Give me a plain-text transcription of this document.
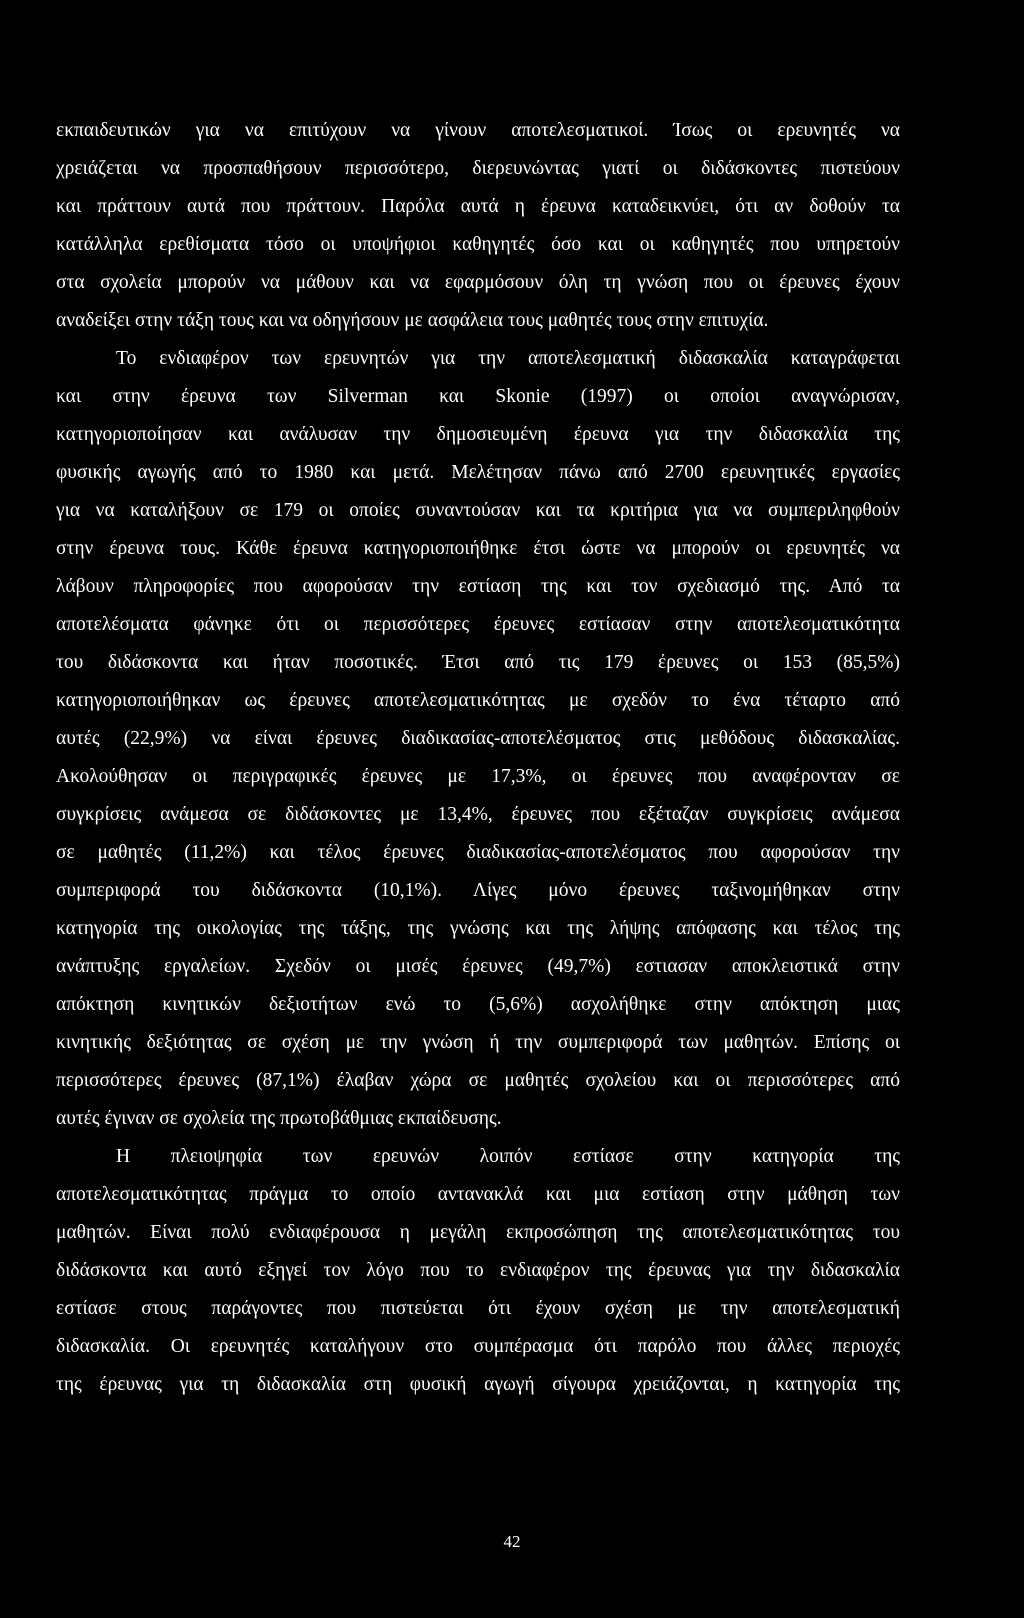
εκπαιδευτικών για να επιτύχουν να γίνουν αποτελεσματικοί. Ίσως οι ερευνητές να
χρειάζεται να προσπαθήσουν περισσότερο, διερευνώντας γιατί οι διδάσκοντες πιστεύουν
και πράττουν αυτά που πράττουν. Παρόλα αυτά η έρευνα καταδεικνύει, ότι αν δοθούν τα
κατάλληλα ερεθίσματα τόσο οι υποψήφιοι καθηγητές όσο και οι καθηγητές που υπηρετούν
στα σχολεία μπορούν να μάθουν και να εφαρμόσουν όλη τη γνώση που οι έρευνες έχουν
αναδείξει στην τάξη τους και να οδηγήσουν με ασφάλεια τους μαθητές τους στην επιτυχία.
Το ενδιαφέρον των ερευνητών για την αποτελεσματική διδασκαλία καταγράφεται
και στην έρευνα των Silverman και Skonie (1997) οι οποίοι αναγνώρισαν,
κατηγοριοποίησαν και ανάλυσαν την δημοσιευμένη έρευνα για την διδασκαλία της
φυσικής αγωγής από το 1980 και μετά. Μελέτησαν πάνω από 2700 ερευνητικές εργασίες
για να καταλήξουν σε 179 οι οποίες συναντούσαν και τα κριτήρια για να συμπεριληφθούν
στην έρευνα τους. Κάθε έρευνα κατηγοριοποιήθηκε έτσι ώστε να μπορούν οι ερευνητές να
λάβουν πληροφορίες που αφορούσαν την εστίαση της και τον σχεδιασμό της. Από τα
αποτελέσματα φάνηκε ότι οι περισσότερες έρευνες εστίασαν στην αποτελεσματικότητα
του διδάσκοντα και ήταν ποσοτικές. Έτσι από τις 179 έρευνες οι 153 (85,5%)
κατηγοριοποιήθηκαν ως έρευνες αποτελεσματικότητας με σχεδόν το ένα τέταρτο από
αυτές (22,9%) να είναι έρευνες διαδικασίας-αποτελέσματος στις μεθόδους διδασκαλίας.
Ακολούθησαν οι περιγραφικές έρευνες με 17,3%, οι έρευνες που αναφέρονταν σε
συγκρίσεις ανάμεσα σε διδάσκοντες με 13,4%, έρευνες που εξέταζαν συγκρίσεις ανάμεσα
σε μαθητές (11,2%) και τέλος έρευνες διαδικασίας-αποτελέσματος που αφορούσαν την
συμπεριφορά του διδάσκοντα (10,1%). Λίγες μόνο έρευνες ταξινομήθηκαν στην
κατηγορία της οικολογίας της τάξης, της γνώσης και της λήψης απόφασης και τέλος της
ανάπτυξης εργαλείων. Σχεδόν οι μισές έρευνες (49,7%) εστιασαν αποκλειστικά στην
απόκτηση κινητικών δεξιοτήτων ενώ το (5,6%) ασχολήθηκε στην απόκτηση μιας
κινητικής δεξιότητας σε σχέση με την γνώση ή την συμπεριφορά των μαθητών. Επίσης οι
περισσότερες έρευνες (87,1%) έλαβαν χώρα σε μαθητές σχολείου και οι περισσότερες από
αυτές έγιναν σε σχολεία της πρωτοβάθμιας εκπαίδευσης.
Η πλειοψηφία των ερευνών λοιπόν εστίασε στην κατηγορία της
αποτελεσματικότητας πράγμα το οποίο αντανακλά και μια εστίαση στην μάθηση των
μαθητών. Είναι πολύ ενδιαφέρουσα η μεγάλη εκπροσώπηση της αποτελεσματικότητας του
διδάσκοντα και αυτό εξηγεί τον λόγο που το ενδιαφέρον της έρευνας για την διδασκαλία
εστίασε στους παράγοντες που πιστεύεται ότι έχουν σχέση με την αποτελεσματική
διδασκαλία. Οι ερευνητές καταλήγουν στο συμπέρασμα ότι παρόλο που άλλες περιοχές
της έρευνας για τη διδασκαλία στη φυσική αγωγή σίγουρα χρειάζονται, η κατηγορία της
42
